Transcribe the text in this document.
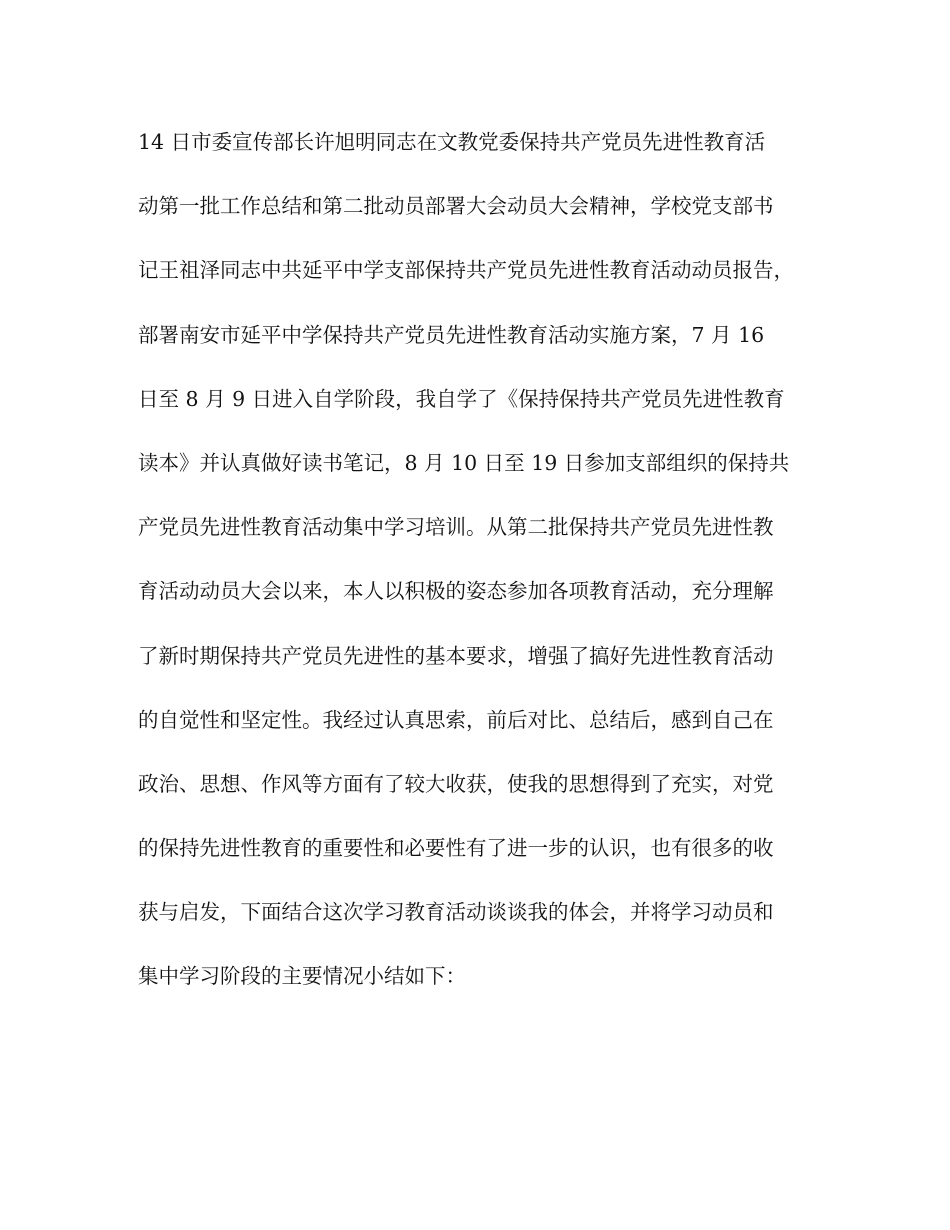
14 日市委宣传部长许旭明同志在文教党委保持共产党员先进性教育活
动第一批工作总结和第二批动员部署大会动员大会精神，学校党支部书
记王祖泽同志中共延平中学支部保持共产党员先进性教育活动动员报告，
部署南安市延平中学保持共产党员先进性教育活动实施方案，7 月 16
日至 8 月 9 日进入自学阶段，我自学了《保持保持共产党员先进性教育
读本》并认真做好读书笔记，8 月 10 日至 19 日参加支部组织的保持共
产党员先进性教育活动集中学习培训。从第二批保持共产党员先进性教
育活动动员大会以来，本人以积极的姿态参加各项教育活动，充分理解
了新时期保持共产党员先进性的基本要求，增强了搞好先进性教育活动
的自觉性和坚定性。我经过认真思索，前后对比、总结后，感到自己在
政治、思想、作风等方面有了较大收获，使我的思想得到了充实，对党
的保持先进性教育的重要性和必要性有了进一步的认识，也有很多的收
获与启发，下面结合这次学习教育活动谈谈我的体会，并将学习动员和
集中学习阶段的主要情况小结如下：
